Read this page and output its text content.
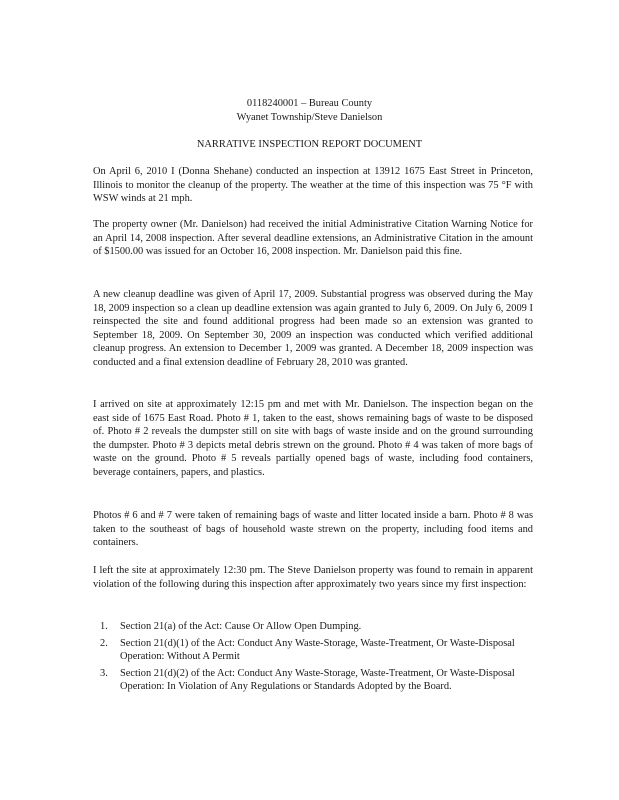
0118240001 – Bureau County
Wyanet Township/Steve Danielson
NARRATIVE INSPECTION REPORT DOCUMENT

On April 6, 2010 I (Donna Shehane) conducted an inspection at 13912 1675 East Street in Princeton, Illinois to monitor the cleanup of the property. The weather at the time of this inspection was 75 °F with WSW winds at 21 mph.

The property owner (Mr. Danielson) had received the initial Administrative Citation Warning Notice for an April 14, 2008 inspection. After several deadline extensions, an Administrative Citation in the amount of $1500.00 was issued for an October 16, 2008 inspection. Mr. Danielson paid this fine.

A new cleanup deadline was given of April 17, 2009. Substantial progress was observed during the May 18, 2009 inspection so a clean up deadline extension was again granted to July 6, 2009. On July 6, 2009 I reinspected the site and found additional progress had been made so an extension was granted to September 18, 2009. On September 30, 2009 an inspection was conducted which verified additional cleanup progress. An extension to December 1, 2009 was granted. A December 18, 2009 inspection was conducted and a final extension deadline of February 28, 2010 was granted.

I arrived on site at approximately 12:15 pm and met with Mr. Danielson. The inspection began on the east side of 1675 East Road. Photo # 1, taken to the east, shows remaining bags of waste to be disposed of. Photo # 2 reveals the dumpster still on site with bags of waste inside and on the ground surrounding the dumpster. Photo # 3 depicts metal debris strewn on the ground. Photo # 4 was taken of more bags of waste on the ground. Photo # 5 reveals partially opened bags of waste, including food containers, beverage containers, papers, and plastics.

Photos # 6 and # 7 were taken of remaining bags of waste and litter located inside a barn. Photo # 8 was taken to the southeast of bags of household waste strewn on the property, including food items and containers.

I left the site at approximately 12:30 pm. The Steve Danielson property was found to remain in apparent violation of the following during this inspection after approximately two years since my first inspection:

1. Section 21(a) of the Act: Cause Or Allow Open Dumping.
2. Section 21(d)(1) of the Act: Conduct Any Waste-Storage, Waste-Treatment, Or Waste-Disposal Operation: Without A Permit
3. Section 21(d)(2) of the Act: Conduct Any Waste-Storage, Waste-Treatment, Or Waste-Disposal Operation: In Violation of Any Regulations or Standards Adopted by the Board.
